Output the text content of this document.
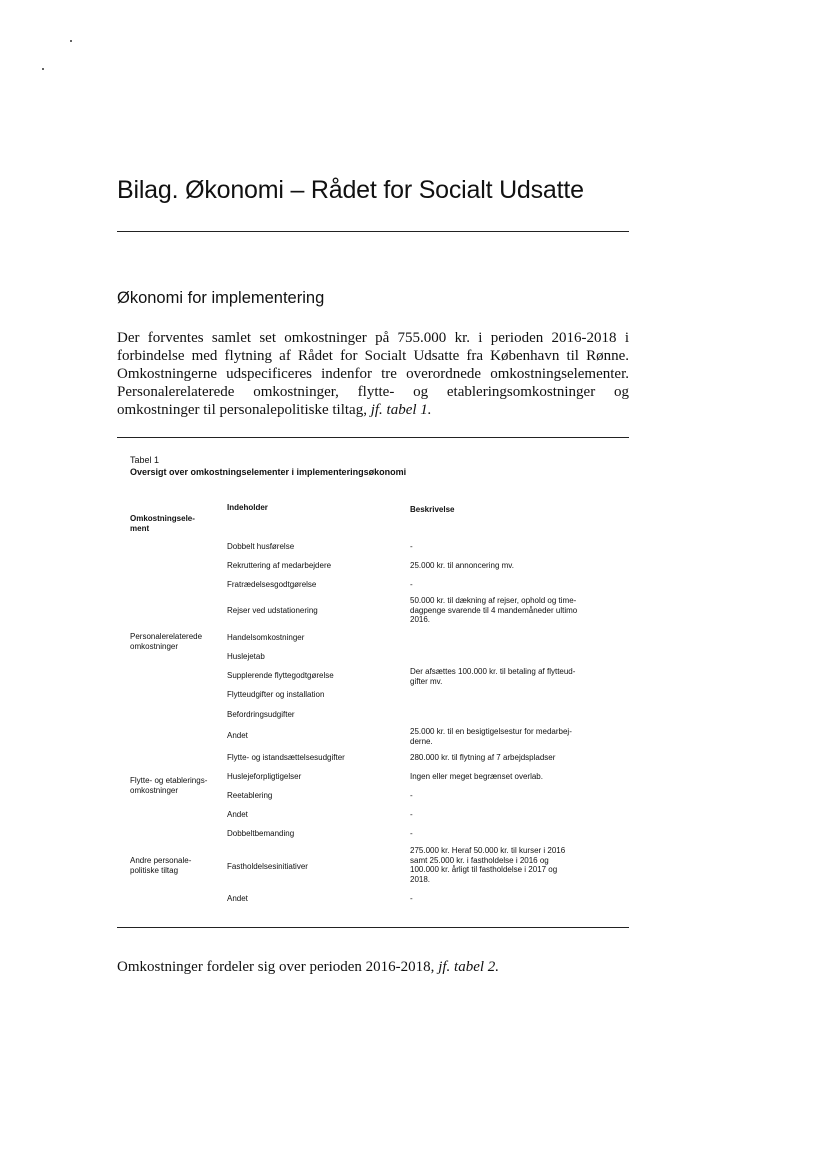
Bilag. Økonomi – Rådet for Socialt Udsatte
Økonomi for implementering

Der forventes samlet set omkostninger på 755.000 kr. i perioden 2016-2018 i forbindelse med flytning af Rådet for Socialt Udsatte fra København til Rønne. Omkostningerne udspecificeres indenfor tre overordnede omkostningselementer. Personalerelaterede omkostninger, flytte- og etableringsomkostninger og omkostninger til personalepolitiske tiltag, jf. tabel 1.

Tabel 1
Oversigt over omkostningselementer i implementeringsøkonomi
Omkostningsele-
ment
Indeholder	Beskrivelse
Personalerelaterede
omkostninger
Flytte- og etablerings-
omkostninger
Andre personale-
politiske tiltag
Dobbelt husførelse
Rekruttering af medarbejdere
Fratrædelsesgodtgørelse
Rejser ved udstationering
Handelsomkostninger
Huslejetab
Supplerende flyttegodtgørelse
Flytteudgifter og installation
Befordringsudgifter
Andet
Flytte- og istandsættelsesudgifter
Huslejeforpligtigelser
Reetablering
Andet
Dobbeltbemanding
Fastholdelsesinitiativer
Andet
-
25.000 kr. til annoncering mv.
-
50.000 kr. til dækning af rejser, ophold og time-
dagpenge svarende til 4 mandemåneder ultimo
2016.
Der afsættes 100.000 kr. til betaling af flytteud-
gifter mv.
25.000 kr. til en besigtigelsestur for medarbej-
derne.
280.000 kr. til flytning af 7 arbejdspladser
Ingen eller meget begrænset overlab.
-
-
-
275.000 kr. Heraf 50.000 kr. til kurser i 2016
samt 25.000 kr. i fastholdelse i 2016 og
100.000 kr. årligt til fastholdelse i 2017 og
2018.
-

Omkostninger fordeler sig over perioden 2016-2018, jf. tabel 2.
